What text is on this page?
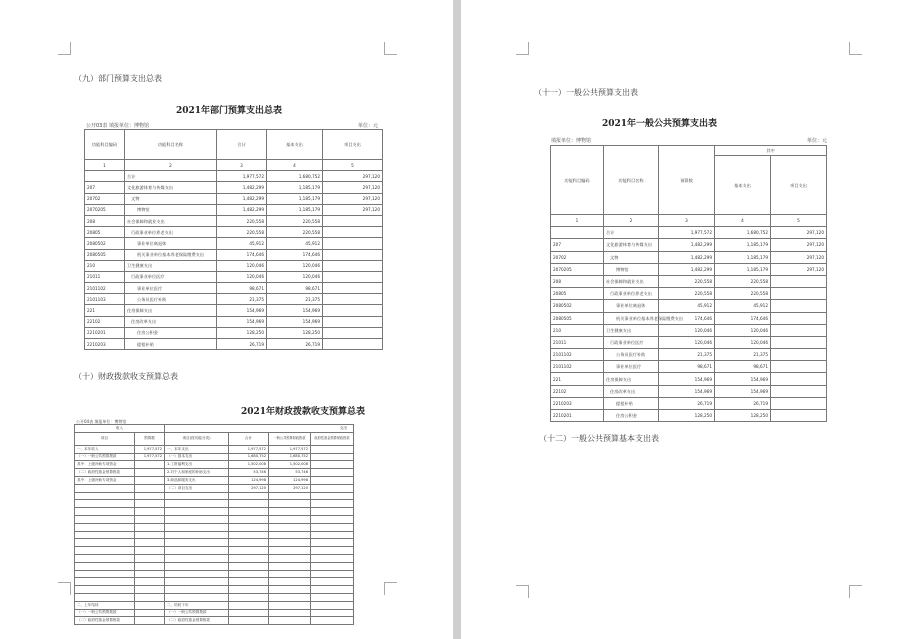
（九）部门预算支出总表
2021年部门预算支出总表
公开03表 填报单位：博物馆	单位：元
功能科目编码	功能科目名称	合计	基本支出	项目支出
1	2	3	4	5
	合计	1,977,572	1,680,752	297,120
207	文化旅游体育与传媒支出	1,482,299	1,185,179	297,120
20702	文物	1,482,299	1,185,179	297,120
2070205	博物馆	1,482,299	1,185,179	297,120
208	社会保障和就业支出	220,558	220,558	
20805	行政事业单位养老支出	220,558	220,558	
2080502	事业单位离退休	45,912	45,912	
2080505	机关事业单位基本养老保险缴费支出	174,646	174,646	
210	卫生健康支出	120,046	120,046	
21011	行政事业单位医疗	120,046	120,046	
2101102	事业单位医疗	98,671	98,671	
2101103	公务员医疗补助	21,375	21,375	
221	住房保障支出	154,969	154,969	
22102	住房改革支出	154,969	154,969	
2210201	住房公积金	128,250	128,250	
2210203	提租补贴	26,719	26,719	
（十）财政拨款收支预算总表
2021年财政拨款收支预算总表
公开04表 填报单位：博物馆
收入		支出			
项目	预算数	项目(按功能分类)	合计	一般公共预算财政拨款	政府性基金预算财政拨款
一、本年收入	1,977,572	一、本年支出	1,977,572	1,977,572	
（一）一般公共预算拨款	1,977,572	（一）基本支出	1,680,752	1,680,752	
其中：上级补助专项资金		1.工资福利支出	1,502,008	1,502,008	
（二）政府性基金预算拨款		2.对个人和家庭的补助支出	53,746	53,746	
其中：上级补助专项资金		3.商品和服务支出	124,998	124,998	
		（二）项目支出	297,120	297,120	

二、上年结转		二、结转下年			
（一）一般公共预算拨款		（一）一般公共预算拨款			
（二）政府性基金预算拨款		（二）政府性基金预算拨款			
（十一）一般公共预算支出表
2021年一般公共预算支出表
填报单位：博物馆	单位：元
功能科目编码	功能科目名称	预算数	其中	
			基本支出	项目支出
1	2	3	4	5
	合计	1,977,572	1,680,752	297,120
207	文化旅游体育与传媒支出	1,482,299	1,185,179	297,120
20702	文物	1,482,299	1,185,179	297,120
2070205	博物馆	1,482,299	1,185,179	297,120
208	社会保障和就业支出	220,558	220,558	
20805	行政事业单位养老支出	220,558	220,558	
2080502	事业单位离退休	45,912	45,912	
2080505	机关事业单位基本养老保险缴费支出	174,646	174,646	
210	卫生健康支出	120,046	120,046	
21011	行政事业单位医疗	120,046	120,046	
2101102	公务员医疗补助	21,375	21,375	
2101102	事业单位医疗	98,671	98,671	
221	住房保障支出	154,969	154,969	
22102	住房改革支出	154,969	154,969	
2210203	提租补贴	26,719	26,719	
2210201	住房公积金	128,250	128,250	
（十二）一般公共预算基本支出表
